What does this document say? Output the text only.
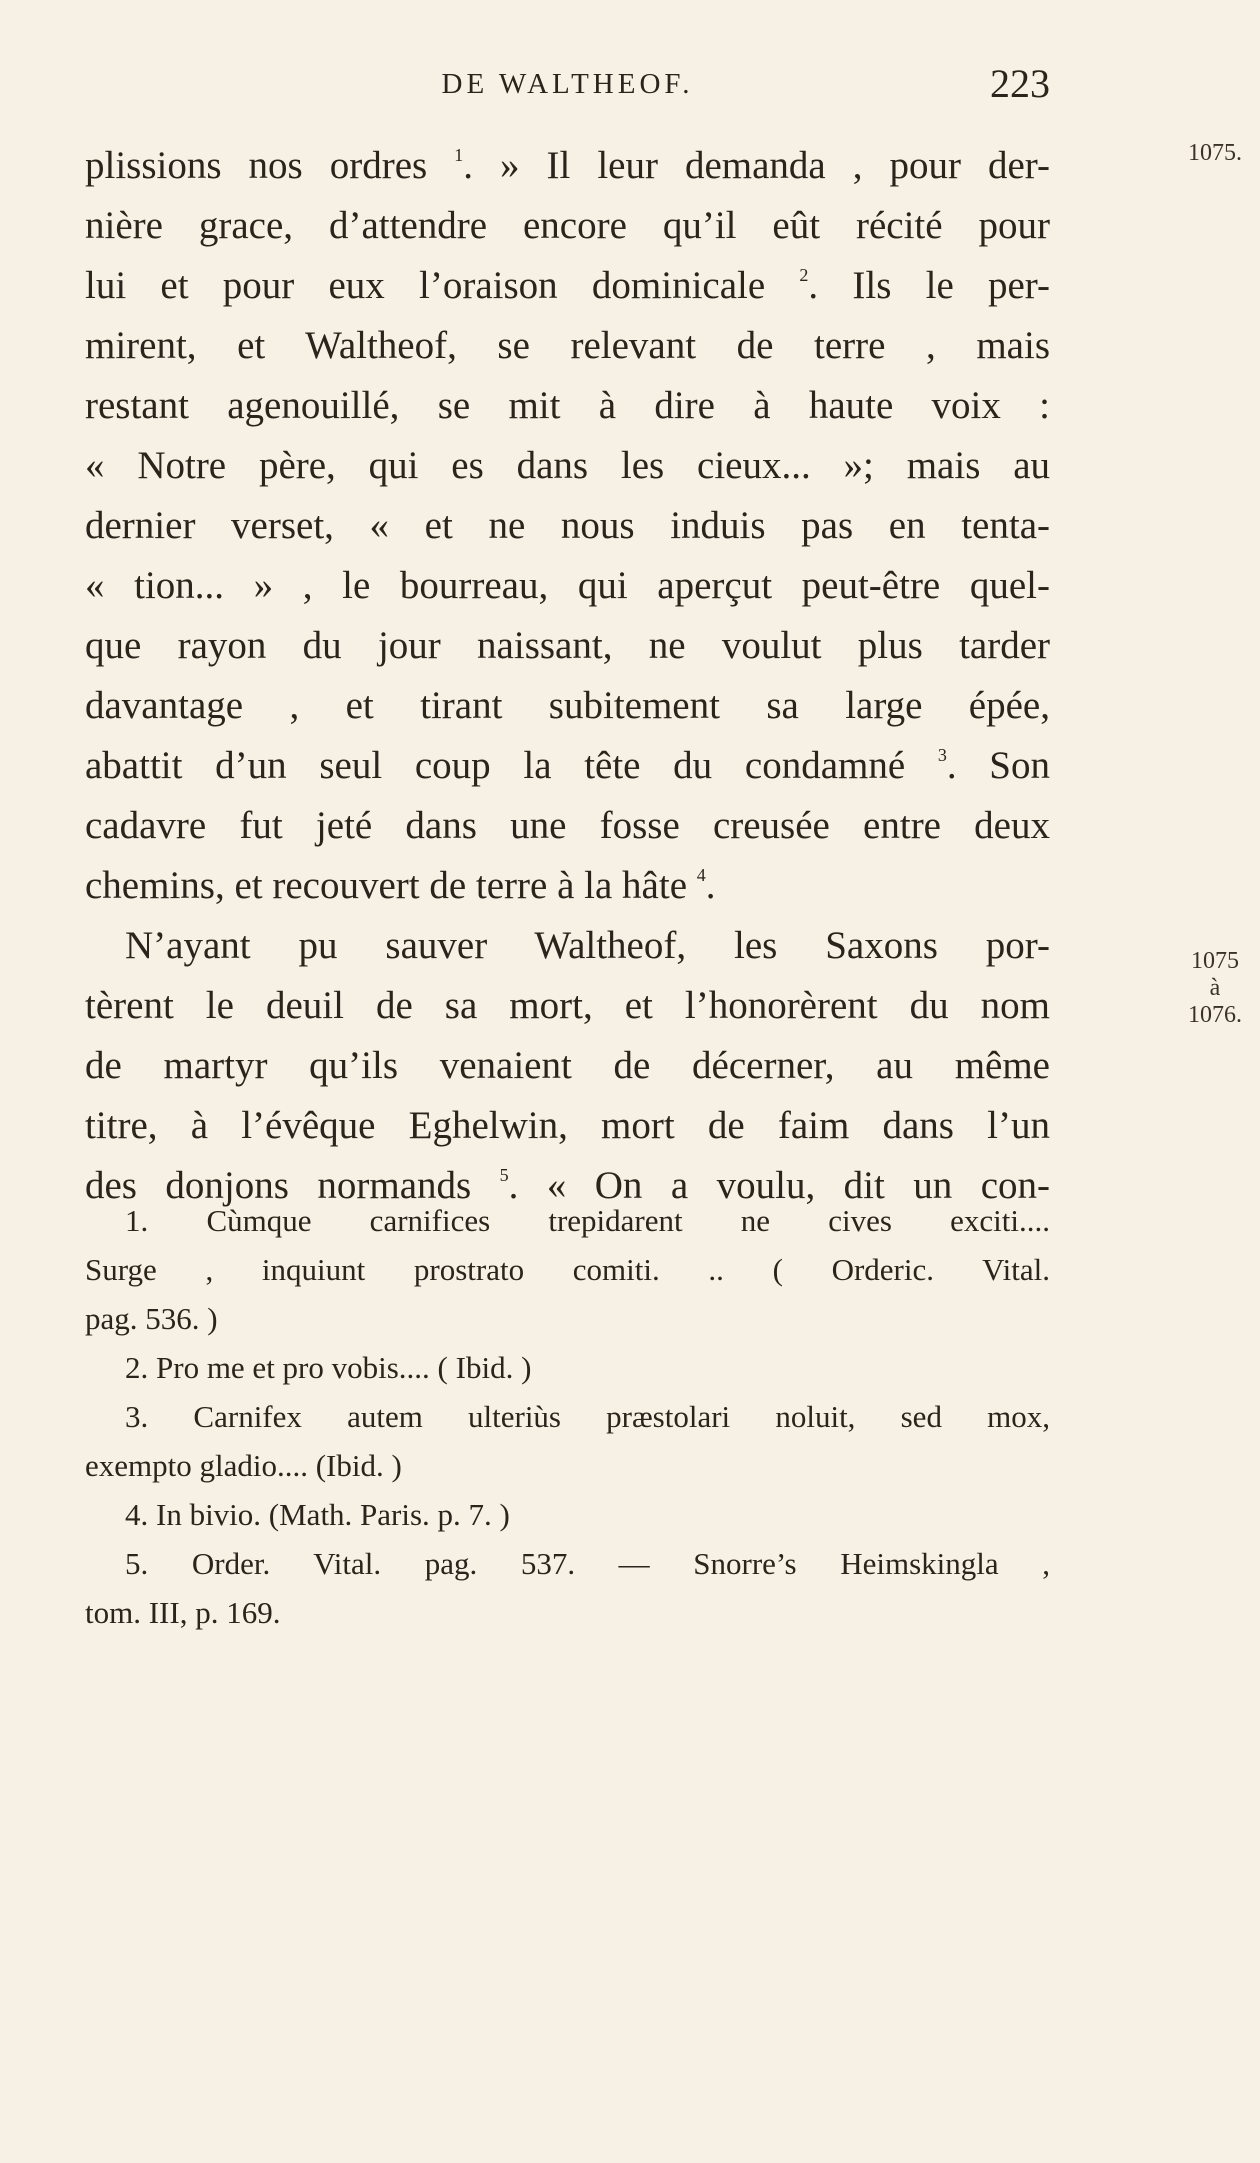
DE WALTHEOF.	223
1075.
1075
à
1076.
plissions nos ordres $^1$. » Il leur demanda , pour der-
nière grace, d’attendre encore qu’il eût récité pour
lui et pour eux l’oraison dominicale $^2$. Ils le per-
mirent, et Waltheof, se relevant de terre , mais
restant agenouillé, se mit à dire à haute voix :
« Notre père, qui es dans les cieux... »; mais au
dernier verset, « et ne nous induis pas en tenta-
« tion... » , le bourreau, qui aperçut peut-être quel-
que rayon du jour naissant, ne voulut plus tarder
davantage , et tirant subitement sa large épée,
abattit d’un seul coup la tête du condamné $^3$. Son
cadavre fut jeté dans une fosse creusée entre deux
chemins, et recouvert de terre à la hâte $^4$.
N’ayant pu sauver Waltheof, les Saxons por-
tèrent le deuil de sa mort, et l’honorèrent du nom
de martyr qu’ils venaient de décerner, au même
titre, à l’évêque Eghelwin, mort de faim dans l’un
des donjons normands $^5$. « On a voulu, dit un con-
1. Cùmque carnifices trepidarent ne cives exciti....
Surge , inquiunt prostrato comiti. .. ( Orderic. Vital.
pag. 536. )
2. Pro me et pro vobis.... ( Ibid. )
3. Carnifex autem ulteriùs præstolari noluit, sed mox,
exempto gladio.... (Ibid. )
4. In bivio. (Math. Paris. p. 7. )
5. Order. Vital. pag. 537. — Snorre’s Heimskingla ,
tom. III, p. 169.
